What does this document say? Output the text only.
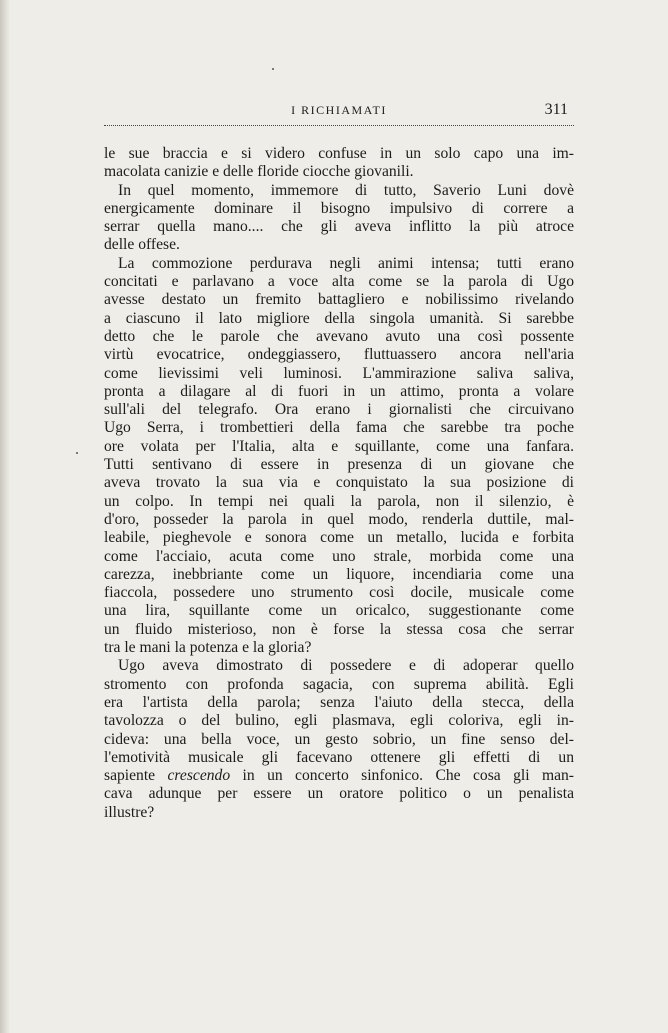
I RICHIAMATI	311
le sue braccia e si videro confuse in un solo capo una im-
macolata canizie e delle floride ciocche giovanili.
In quel momento, immemore di tutto, Saverio Luni dovè
energicamente dominare il bisogno impulsivo di correre a
serrar quella mano.... che gli aveva inflitto la più atroce
delle offese.
La commozione perdurava negli animi intensa; tutti erano
concitati e parlavano a voce alta come se la parola di Ugo
avesse destato un fremito battagliero e nobilissimo rivelando
a ciascuno il lato migliore della singola umanità. Si sarebbe
detto che le parole che avevano avuto una così possente
virtù evocatrice, ondeggiassero, fluttuassero ancora nell'aria
come lievissimi veli luminosi. L'ammirazione saliva saliva,
pronta a dilagare al di fuori in un attimo, pronta a volare
sull'ali del telegrafo. Ora erano i giornalisti che circuivano
Ugo Serra, i trombettieri della fama che sarebbe tra poche
ore volata per l'Italia, alta e squillante, come una fanfara.
Tutti sentivano di essere in presenza di un giovane che
aveva trovato la sua via e conquistato la sua posizione di
un colpo. In tempi nei quali la parola, non il silenzio, è
d'oro, posseder la parola in quel modo, renderla duttile, mal-
leabile, pieghevole e sonora come un metallo, lucida e forbita
come l'acciaio, acuta come uno strale, morbida come una
carezza, inebbriante come un liquore, incendiaria come una
fiaccola, possedere uno strumento così docile, musicale come
una lira, squillante come un oricalco, suggestionante come
un fluido misterioso, non è forse la stessa cosa che serrar
tra le mani la potenza e la gloria?
Ugo aveva dimostrato di possedere e di adoperar quello
stromento con profonda sagacia, con suprema abilità. Egli
era l'artista della parola; senza l'aiuto della stecca, della
tavolozza o del bulino, egli plasmava, egli coloriva, egli in-
cideva: una bella voce, un gesto sobrio, un fine senso del-
l'emotività musicale gli facevano ottenere gli effetti di un
sapiente crescendo in un concerto sinfonico. Che cosa gli man-
cava adunque per essere un oratore politico o un penalista
illustre?
